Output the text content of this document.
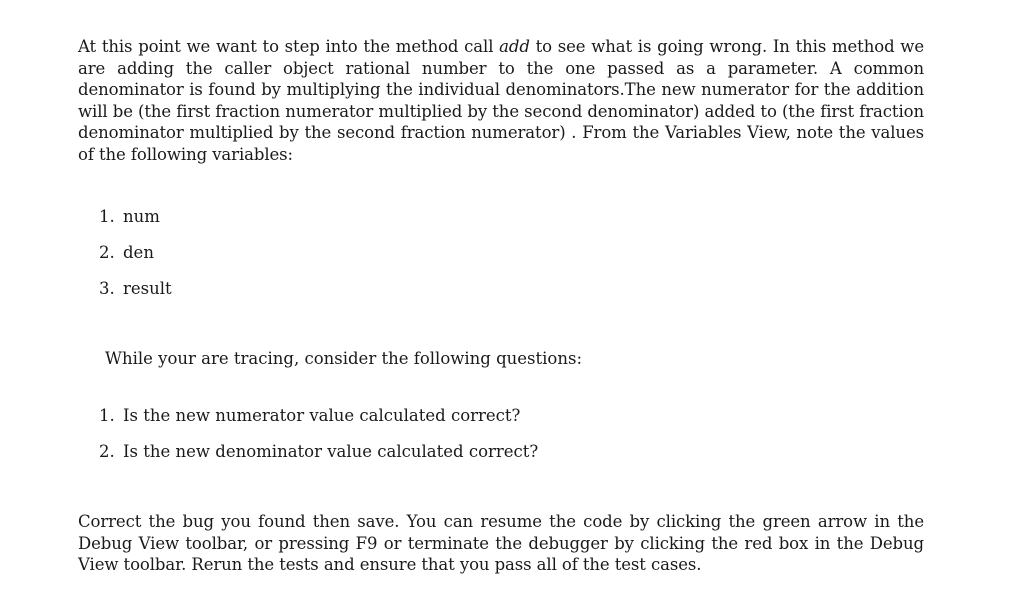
At this point we want to step into the method call add to see what is going wrong. In this method we are adding the caller object rational number to the one passed as a parameter. A common denominator is found by multiplying the individual denominators.The new numerator for the addition will be (the first fraction numerator multiplied by the second denominator) added to (the first fraction denominator multiplied by the second fraction numerator) . From the Variables View, note the values of the following variables:

1. num
2. den
3. result

While your are tracing, consider the following questions:

1. Is the new numerator value calculated correct?
2. Is the new denominator value calculated correct?

Correct the bug you found then save. You can resume the code by clicking the green arrow in the Debug View toolbar, or pressing F9 or terminate the debugger by clicking the red box in the Debug View toolbar. Rerun the tests and ensure that you pass all of the test cases.
